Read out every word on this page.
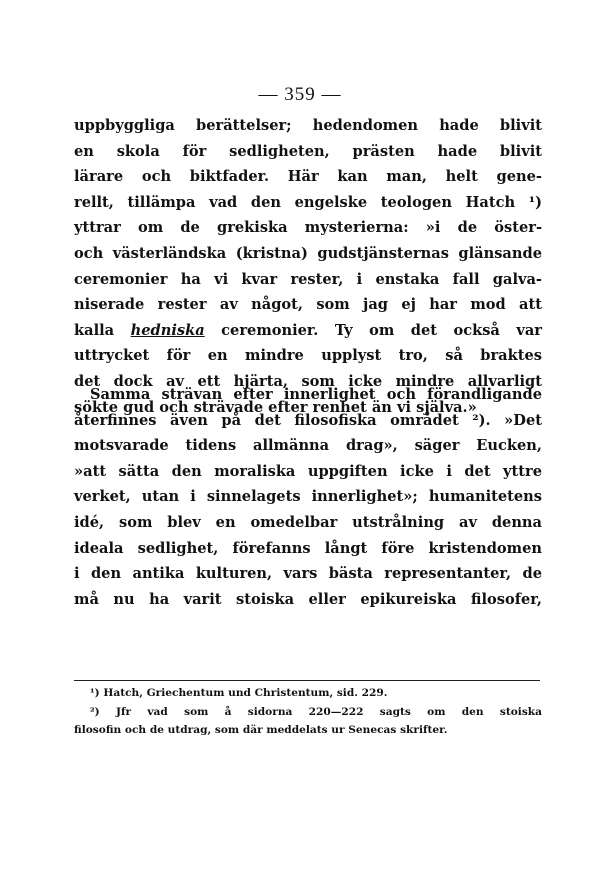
— 359 —
uppbyggliga berättelser; hedendomen hade blivit
en skola för sedligheten, prästen hade blivit
lärare och biktfader. Här kan man, helt gene-
rellt, tillämpa vad den engelske teologen Hatch ¹)
yttrar om de grekiska mysterierna: »i de öster-
och västerländska (kristna) gudstjänsternas glänsande
ceremonier ha vi kvar rester, i enstaka fall galva-
niserade rester av något, som jag ej har mod att
kalla hedniska ceremonier. Ty om det också var
uttrycket för en mindre upplyst tro, så braktes
det dock av ett hjärta, som icke mindre allvarligt
sökte gud och strävade efter renhet än vi själva.»
Samma strävan efter innerlighet och förandligande
återfinnes även på det filosofiska området ²). »Det
motsvarade tidens allmänna drag», säger Eucken,
»att sätta den moraliska uppgiften icke i det yttre
verket, utan i sinnelagets innerlighet»; humanitetens
idé, som blev en omedelbar utstrålning av denna
ideala sedlighet, förefanns långt före kristendomen
i den antika kulturen, vars bästa representanter, de
må nu ha varit stoiska eller epikureiska filosofer,
¹) Hatch, Griechentum und Christentum, sid. 229.
²) Jfr vad som å sidorna 220—222 sagts om den stoiska
filosofin och de utdrag, som där meddelats ur Senecas skrifter.
